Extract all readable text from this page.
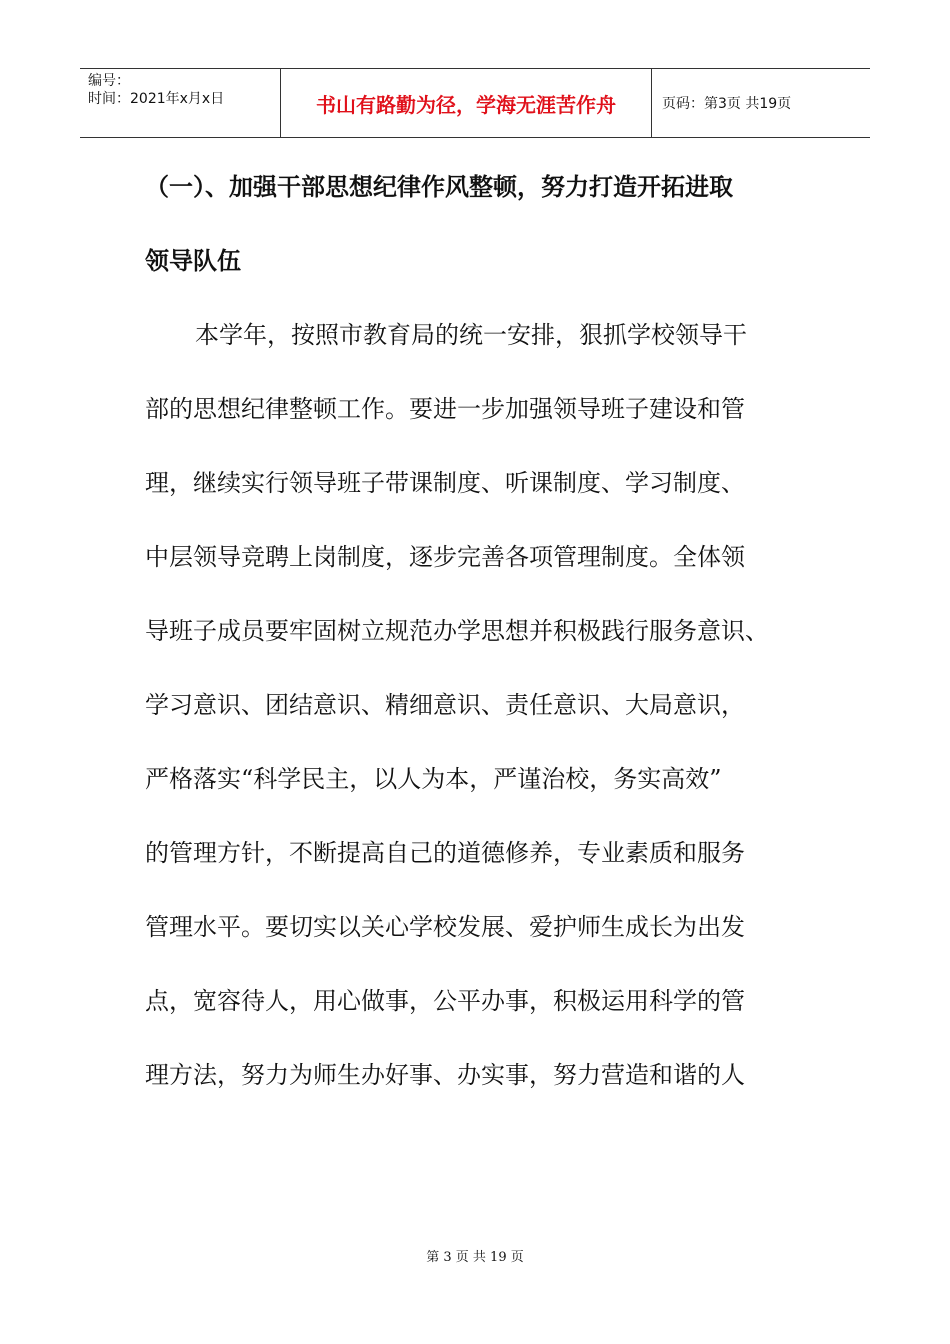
编号：
时间：2021年x月x日	书山有路勤为径，学海无涯苦作舟	页码：第3页 共19页
（一）、加强干部思想纪律作风整顿，努力打造开拓进取
领导队伍
本学年，按照市教育局的统一安排，狠抓学校领导干
部的思想纪律整顿工作。要进一步加强领导班子建设和管
理，继续实行领导班子带课制度、听课制度、学习制度、
中层领导竞聘上岗制度，逐步完善各项管理制度。全体领
导班子成员要牢固树立规范办学思想并积极践行服务意识、
学习意识、团结意识、精细意识、责任意识、大局意识，
严格落实“科学民主，以人为本，严谨治校，务实高效”
的管理方针，不断提高自己的道德修养，专业素质和服务
管理水平。要切实以关心学校发展、爱护师生成长为出发
点，宽容待人，用心做事，公平办事，积极运用科学的管
理方法，努力为师生办好事、办实事，努力营造和谐的人
第 3 页 共 19 页
